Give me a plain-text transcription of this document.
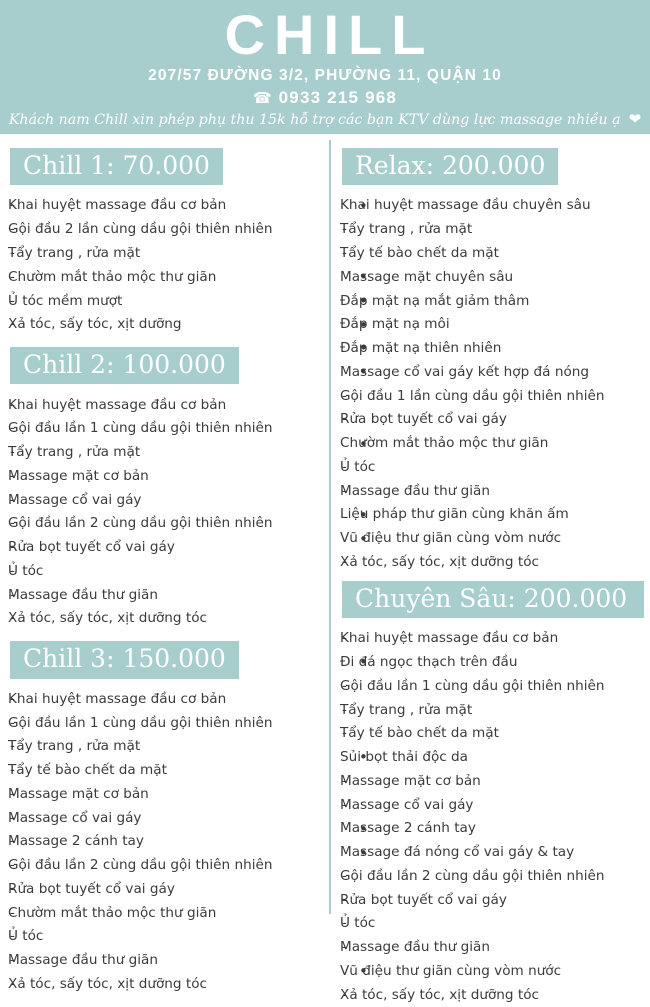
CHILL
207/57 ĐƯỜNG 3/2, PHƯỜNG 11, QUẬN 10
☎ 0933 215 968
Khách nam Chill xin phép phụ thu 15k hỗ trợ các bạn KTV dùng lực massage nhiều ạ ❤
Chill 1: 70.000
- Khai huyệt massage đầu cơ bản
- Gội đầu 2 lần cùng dầu gội thiên nhiên
- Tẩy trang , rửa mặt
- Chườm mắt thảo mộc thư giãn
- Ủ tóc mềm mượt
- Xả tóc, sấy tóc, xịt dưỡng
Chill 2: 100.000
- Khai huyệt massage đầu cơ bản
- Gội đầu lần 1 cùng dầu gội thiên nhiên
- Tẩy trang , rửa mặt
- Massage mặt cơ bản
- Massage cổ vai gáy
- Gội đầu lần 2 cùng dầu gội thiên nhiên
- Rửa bọt tuyết cổ vai gáy
- Ủ tóc
- Massage đầu thư giãn
- Xả tóc, sấy tóc, xịt dưỡng tóc
Chill 3: 150.000
- Khai huyệt massage đầu cơ bản
- Gội đầu lần 1 cùng dầu gội thiên nhiên
- Tẩy trang , rửa mặt
- Tẩy tế bào chết da mặt
- Massage mặt cơ bản
- Massage cổ vai gáy
- Massage 2 cánh tay
- Gội đầu lần 2 cùng dầu gội thiên nhiên
- Rửa bọt tuyết cổ vai gáy
- Chườm mắt thảo mộc thư giãn
- Ủ tóc
- Massage đầu thư giãn
- Xả tóc, sấy tóc, xịt dưỡng tóc
Relax: 200.000
• Khai huyệt massage đầu chuyên sâu
- Tẩy trang , rửa mặt
- Tẩy tế bào chết da mặt
• Massage mặt chuyên sâu
• Đắp mặt nạ mắt giảm thâm
• Đắp mặt nạ môi
• Đắp mặt nạ thiên nhiên
• Massage cổ vai gáy kết hợp đá nóng
- Gội đầu 1 lần cùng dầu gội thiên nhiên
- Rửa bọt tuyết cổ vai gáy
• Chườm mắt thảo mộc thư giãn
- Ủ tóc
- Massage đầu thư giãn
• Liệu pháp thư giãn cùng khăn ấm
• Vũ điệu thư giãn cùng vòm nước
- Xả tóc, sấy tóc, xịt dưỡng tóc
Chuyên Sâu: 200.000
- Khai huyệt massage đầu cơ bản
• Đi đá ngọc thạch trên đầu
- Gội đầu lần 1 cùng dầu gội thiên nhiên
- Tẩy trang , rửa mặt
- Tẩy tế bào chết da mặt
• Sủi bọt thải độc da
- Massage mặt cơ bản
- Massage cổ vai gáy
• Massage 2 cánh tay
• Massage đá nóng cổ vai gáy & tay
- Gội đầu lần 2 cùng dầu gội thiên nhiên
- Rửa bọt tuyết cổ vai gáy
- Ủ tóc
- Massage đầu thư giãn
• Vũ điệu thư giãn cùng vòm nước
- Xả tóc, sấy tóc, xịt dưỡng tóc
